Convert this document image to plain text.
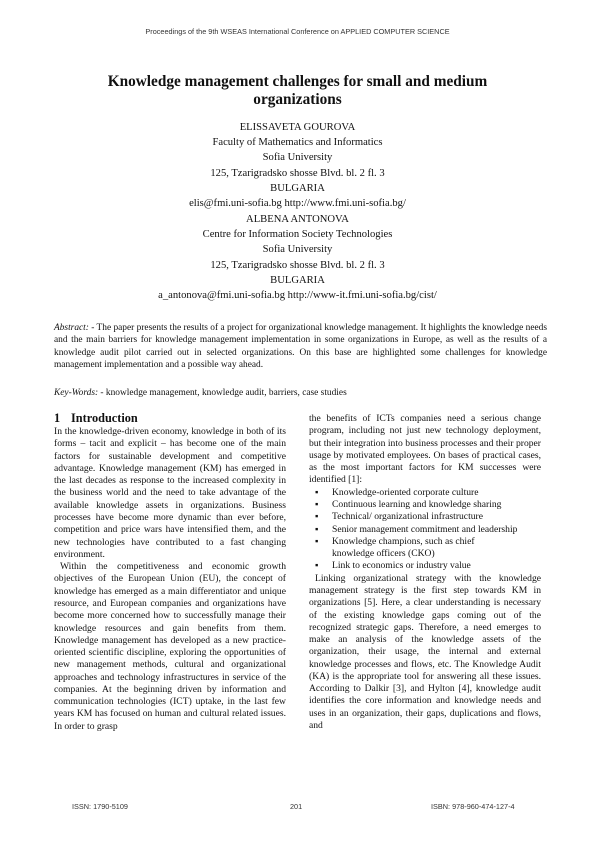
Proceedings of the 9th WSEAS International Conference on APPLIED COMPUTER SCIENCE
Knowledge management challenges for small and medium organizations
ELISSAVETA GOUROVA
Faculty of Mathematics and Informatics
Sofia University
125, Tzarigradsko shosse Blvd. bl. 2 fl. 3
BULGARIA
elis@fmi.uni-sofia.bg http://www.fmi.uni-sofia.bg/
ALBENA ANTONOVA
Centre for Information Society Technologies
Sofia University
125, Tzarigradsko shosse Blvd. bl. 2 fl. 3
BULGARIA
a_antonova@fmi.uni-sofia.bg http://www-it.fmi.uni-sofia.bg/cist/
Abstract: - The paper presents the results of a project for organizational knowledge management. It highlights the knowledge needs and the main barriers for knowledge management implementation in some organizations in Europe, as well as the results of a knowledge audit pilot carried out in selected organizations. On this base are highlighted some challenges for knowledge management implementation and a possible way ahead.
Key-Words: - knowledge management, knowledge audit, barriers, case studies
1 Introduction

In the knowledge-driven economy, knowledge in both of its forms – tacit and explicit – has become one of the main factors for sustainable development and competitive advantage. Knowledge management (KM) has emerged in the last decades as response to the increased complexity in the business world and the need to take advantage of the available knowledge assets in organizations. Business processes have become more dynamic than ever before, competition and price wars have intensified them, and the new technologies have contributed to a fast changing environment.

Within the competitiveness and economic growth objectives of the European Union (EU), the concept of knowledge has emerged as a main differentiator and unique resource, and European companies and organizations have become more concerned how to successfully manage their knowledge resources and gain benefits from them. Knowledge management has developed as a new practice-oriented scientific discipline, exploring the opportunities of new management methods, cultural and organizational approaches and technology infrastructures in service of the companies. At the beginning driven by information and communication technologies (ICT) uptake, in the last few years KM has focused on human and cultural related issues. In order to grasp

the benefits of ICTs companies need a serious change program, including not just new technology deployment, but their integration into business processes and their proper usage by motivated employees. On bases of practical cases, as the most important factors for KM successes were identified [1]:

▪ Knowledge-oriented corporate culture
▪ Continuous learning and knowledge sharing
▪ Technical/ organizational infrastructure
▪ Senior management commitment and leadership
▪ Knowledge champions, such as chief knowledge officers (CKO)
▪ Link to economics or industry value

Linking organizational strategy with the knowledge management strategy is the first step towards KM in organizations [5]. Here, a clear understanding is necessary of the existing knowledge gaps coming out of the recognized strategic gaps. Therefore, a need emerges to make an analysis of the knowledge assets of the organization, their usage, the internal and external knowledge processes and flows, etc. The Knowledge Audit (KA) is the appropriate tool for answering all these issues. According to Dalkir [3], and Hylton [4], knowledge audit identifies the core information and knowledge needs and uses in an organization, their gaps, duplications and flows, and

ISSN: 1790-5109	201	ISBN: 978-960-474-127-4
